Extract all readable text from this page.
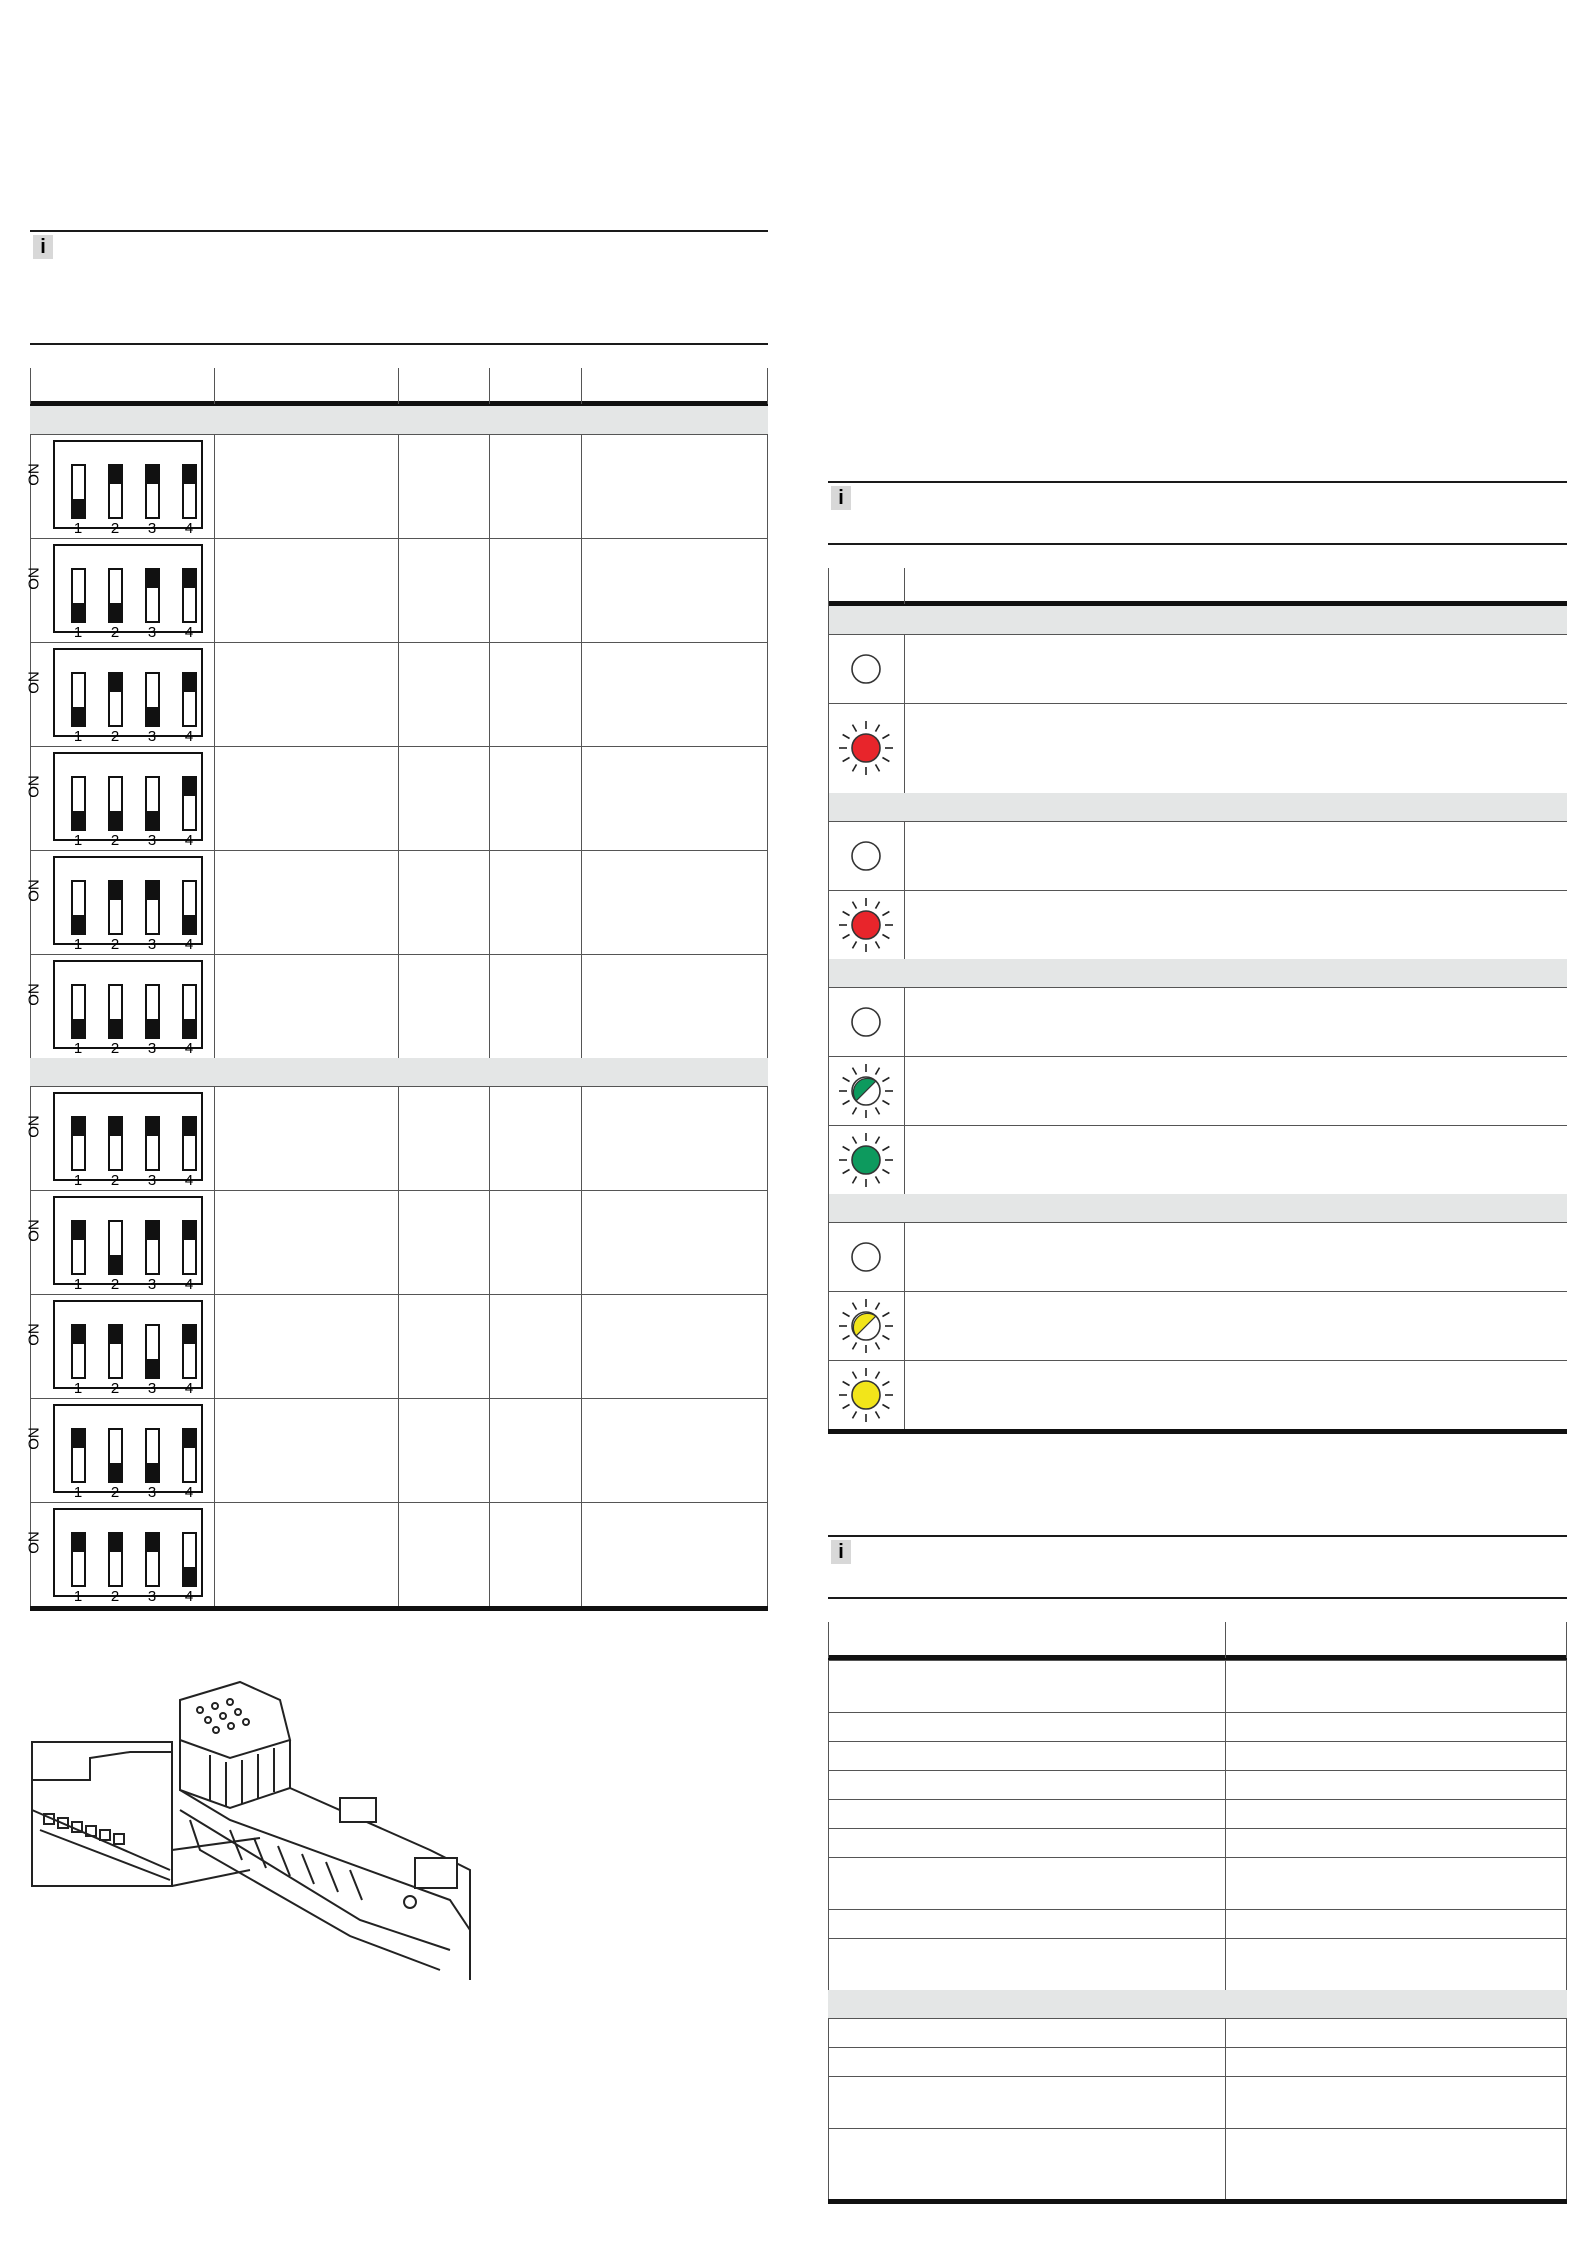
i
ON
1	2	3	4
ON
1	2	3	4
ON
1	2	3	4
ON
1	2	3	4
ON
1	2	3	4
ON
1	2	3	4
ON
1	2	3	4
ON
1	2	3	4
ON
1	2	3	4
ON
1	2	3	4
ON
1	2	3	4
i
i
